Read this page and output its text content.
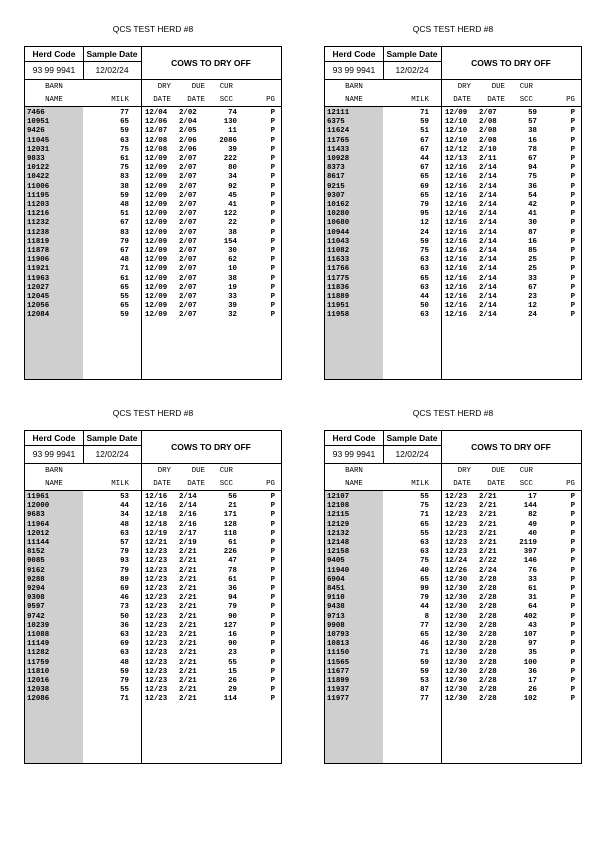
QCS TEST HERD #8
Herd Code	Sample Date
93 99 9941	12/02/24
COWS TO DRY OFF
BARN
NAME	MILK
DRY
DATE
DUE
DATE
CUR
SCC	PG
7466	77 12/04 2/02	74	P
10951	65 12/06 2/04	130	P
9426	59 12/07 2/05	11	P
11045	63 12/08 2/06	2086	P
12031	75 12/08 2/06	39	P
9833	61 12/09 2/07	222	P
10122	75 12/09 2/07	80	P
10422	83 12/09 2/07	34	P
11006	38 12/09 2/07	92	P
11195	59 12/09 2/07	45	P
11203	48 12/09 2/07	41	P
11216	51 12/09 2/07	122	P
11232	67 12/09 2/07	22	P
11238	83 12/09 2/07	38	P
11819	79 12/09 2/07	154	P
11878	67 12/09 2/07	30	P
11906	48 12/09 2/07	62	P
11921	71 12/09 2/07	10	P
11963	61 12/09 2/07	38	P
12027	65 12/09 2/07	19	P
12045	55 12/09 2/07	33	P
12056	65 12/09 2/07	39	P
12084	59 12/09 2/07	32	P
QCS TEST HERD #8
Herd Code	Sample Date
93 99 9941	12/02/24
COWS TO DRY OFF
BARN
NAME	MILK
DRY
DATE
DUE
DATE
CUR
SCC	PG
12111	71 12/09 2/07	59	P
6375	59 12/10 2/08	57	P
11624	51 12/10 2/08	38	P
11765	67 12/10 2/08	16	P
11433	67 12/12 2/10	78	P
10928	44 12/13 2/11	67	P
8373	67 12/16 2/14	94	P
8617	65 12/16 2/14	75	P
9215	69 12/16 2/14	36	P
9307	65 12/16 2/14	54	P
10162	79 12/16 2/14	42	P
10280	95 12/16 2/14	41	P
10680	12 12/16 2/14	30	P
10944	24 12/16 2/14	87	P
11043	59 12/16 2/14	16	P
11082	75 12/16 2/14	85	P
11633	63 12/16 2/14	25	P
11766	63 12/16 2/14	25	P
11775	65 12/16 2/14	33	P
11836	63 12/16 2/14	67	P
11889	44 12/16 2/14	23	P
11951	50 12/16 2/14	12	P
11958	63 12/16 2/14	24	P
QCS TEST HERD #8
Herd Code	Sample Date
93 99 9941	12/02/24
COWS TO DRY OFF
BARN
NAME	MILK
DRY
DATE
DUE
DATE
CUR
SCC	PG
11961	53 12/16 2/14	56	P
12000	44 12/16 2/14	21	P
9683	34 12/18 2/16	171	P
11964	48 12/18 2/16	128	P
12012	63 12/19 2/17	118	P
11144	57 12/21 2/19	61	P
8152	79 12/23 2/21	226	P
9085	93 12/23 2/21	47	P
9162	79 12/23 2/21	78	P
9288	89 12/23 2/21	61	P
9294	69 12/23 2/21	36	P
9308	46 12/23 2/21	94	P
9597	73 12/23 2/21	79	P
9742	50 12/23 2/21	90	P
10239	36 12/23 2/21	127	P
11088	63 12/23 2/21	16	P
11149	69 12/23 2/21	90	P
11282	63 12/23 2/21	23	P
11759	48 12/23 2/21	55	P
11810	59 12/23 2/21	15	P
12016	79 12/23 2/21	26	P
12038	55 12/23 2/21	29	P
12086	71 12/23 2/21	114	P
QCS TEST HERD #8
Herd Code	Sample Date
93 99 9941	12/02/24
COWS TO DRY OFF
BARN
NAME	MILK
DRY
DATE
DUE
DATE
CUR
SCC	PG
12107	55 12/23 2/21	17	P
12108	75 12/23 2/21	144	P
12115	71 12/23 2/21	82	P
12129	65 12/23 2/21	49	P
12132	55 12/23 2/21	40	P
12148	63 12/23 2/21	2119	P
12158	63 12/23 2/21	397	P
9405	75 12/24 2/22	146	P
11940	40 12/26 2/24	76	P
6904	65 12/30 2/28	33	P
8451	99 12/30 2/28	61	P
9110	79 12/30 2/28	31	P
9438	44 12/30 2/28	64	P
9713	8 12/30 2/28	402	P
9908	77 12/30 2/28	43	P
10793	65 12/30 2/28	107	P
10813	46 12/30 2/28	97	P
11150	71 12/30 2/28	35	P
11565	59 12/30 2/28	100	P
11677	59 12/30 2/28	36	P
11899	53 12/30 2/28	17	P
11937	87 12/30 2/28	26	P
11977	77 12/30 2/28	102	P
